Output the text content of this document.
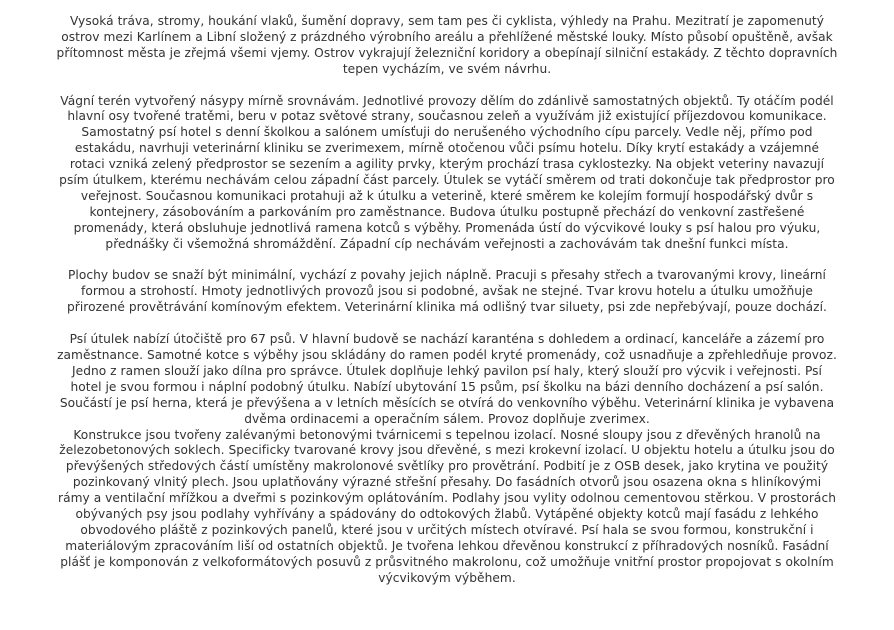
Vysoká tráva, stromy, houkání vlaků, šumění dopravy, sem tam pes či cyklista, výhledy na Prahu. Mezitratí je zapomenutý ostrov mezi Karlínem a Libní složený z prázdného výrobního areálu a přehlížené městské louky. Místo působí opuštěně, avšak přítomnost města je zřejmá všemi vjemy. Ostrov vykrajují železniční koridory a obepínají silniční estakády. Z těchto dopravních tepen vycházím, ve svém návrhu.

Vágní terén vytvořený násypy mírně srovnávám. Jednotlivé provozy dělím do zdánlivě samostatných objektů. Ty otáčím podél hlavní osy tvořené tratěmi, beru v potaz světové strany, současnou zeleň a využívám již existující příjezdovou komunikace. Samostatný psí hotel s denní školkou a salónem umísťuji do nerušeného východního cípu parcely. Vedle něj, přímo pod estakádu, navrhuji veterinární kliniku se zverimexem, mírně otočenou vůči psímu hotelu. Díky krytí estakády a vzájemné rotaci vzniká zelený předprostor se sezením a agility prvky, kterým prochází trasa cyklostezky. Na objekt veteriny navazují psím útulkem, kterému nechávám celou západní část parcely. Útulek se vytáčí směrem od trati dokončuje tak předprostor pro veřejnost. Současnou komunikaci protahuji až k útulku a veterině, které směrem ke kolejím formují hospodářský dvůr s kontejnery, zásobováním a parkováním pro zaměstnance. Budova útulku postupně přechází do venkovní zastřešené promenády, která obsluhuje jednotlivá ramena kotců s výběhy. Promenáda ústí do výcvikové louky s psí halou pro výuku, přednášky či všemožná shromáždění. Západní cíp nechávám veřejnosti a zachovávám tak dnešní funkci místa.

Plochy budov se snaží být minimální, vychází z povahy jejich náplně. Pracuji s přesahy střech a tvarovanými krovy, lineární formou a strohostí. Hmoty jednotlivých provozů jsou si podobné, avšak ne stejné. Tvar krovu hotelu a útulku umožňuje přirozené provětrávání komínovým efektem. Veterinární klinika má odlišný tvar siluety, psi zde nepřebývají, pouze dochází.

Psí útulek nabízí útočiště pro 67 psů. V hlavní budově se nachází karanténa s dohledem a ordinací, kanceláře a zázemí pro zaměstnance. Samotné kotce s výběhy jsou skládány do ramen podél kryté promenády, což usnadňuje a zpřehledňuje provoz. Jedno z ramen slouží jako dílna pro správce. Útulek doplňuje lehký pavilon psí haly, který slouží pro výcvik i veřejnosti. Psí hotel je svou formou i náplní podobný útulku. Nabízí ubytování 15 psům, psí školku na bázi denního docházení a psí salón. Součástí je psí herna, která je převýšena a v letních měsících se otvírá do venkovního výběhu. Veterinární klinika je vybavena dvěma ordinacemi a operačním sálem. Provoz doplňuje zverimex.

Konstrukce jsou tvořeny zalévanými betonovými tvárnicemi s tepelnou izolací. Nosné sloupy jsou z dřevěných hranolů na železobetonových soklech. Specificky tvarované krovy jsou dřevěné, s mezi krokevní izolací. U objektu hotelu a útulku jsou do převýšených středových částí umístěny makrolonové světlíky pro provětrání. Podbití je z OSB desek, jako krytina ve použitý pozinkovaný vlnitý plech. Jsou uplatňovány výrazné střešní přesahy. Do fasádních otvorů jsou osazena okna s hliníkovými rámy a ventilační mřížkou a dveřmi s pozinkovým oplátováním. Podlahy jsou vylity odolnou cementovou stěrkou. V prostorách obývaných psy jsou podlahy vyhřívány a spádovány do odtokových žlabů. Vytápěné objekty kotců mají fasádu z lehkého obvodového pláště z pozinkových panelů, které jsou v určitých místech otvíravé. Psí hala se svou formou, konstrukční i materiálovým zpracováním liší od ostatních objektů. Je tvořena lehkou dřevěnou konstrukcí z příhradových nosníků. Fasádní plášť je komponován z velkoformátových posuvů z průsvitného makrolonu, což umožňuje vnitřní prostor propojovat s okolním výcvikovým výběhem.
